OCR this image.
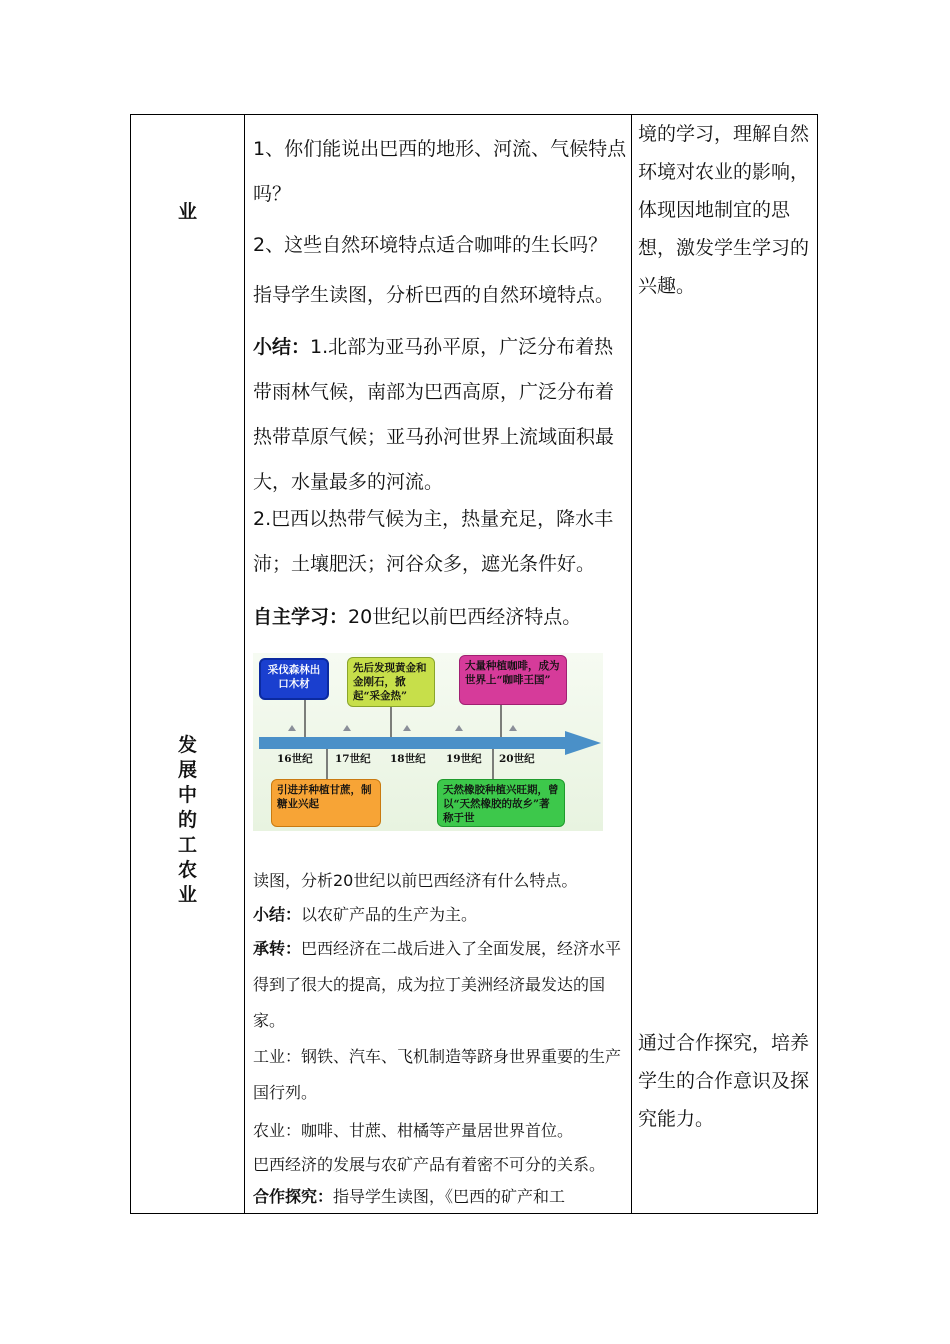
业
发
展
中
的
工
农
业
1、你们能说出巴西的地形、河流、气候特点吗？
2、这些自然环境特点适合咖啡的生长吗？
指导学生读图，分析巴西的自然环境特点。
小结：1.北部为亚马孙平原，广泛分布着热带雨林气候，南部为巴西高原，广泛分布着热带草原气候；亚马孙河世界上流域面积最大，水量最多的河流。
2.巴西以热带气候为主，热量充足，降水丰沛；土壤肥沃；河谷众多，遮光条件好。
自主学习：20世纪以前巴西经济特点。
采伐森林出口木材
先后发现黄金和金刚石，掀起“采金热”
大量种植咖啡，成为世界上“咖啡王国”
引进并种植甘蔗，制糖业兴起
天然橡胶种植兴旺期，曾以“天然橡胶的故乡”著称于世
16世纪 17世纪 18世纪 19世纪 20世纪
读图，分析20世纪以前巴西经济有什么特点。
小结：以农矿产品的生产为主。
承转：巴西经济在二战后进入了全面发展，经济水平得到了很大的提高，成为拉丁美洲经济最发达的国家。
工业：钢铁、汽车、飞机制造等跻身世界重要的生产国行列。
农业：咖啡、甘蔗、柑橘等产量居世界首位。
巴西经济的发展与农矿产品有着密不可分的关系。
合作探究：指导学生读图，《巴西的矿产和工
境的学习，理解自然环境对农业的影响，体现因地制宜的思想，激发学生学习的兴趣。
通过合作探究，培养学生的合作意识及探究能力。
